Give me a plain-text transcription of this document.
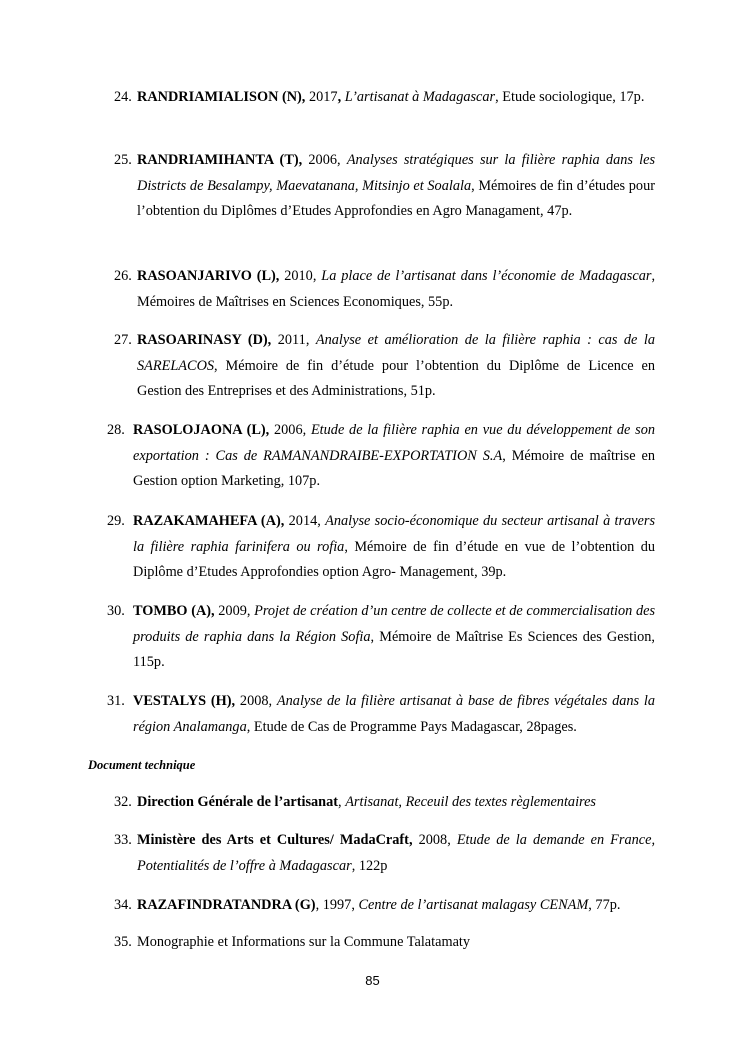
24. RANDRIAMIALISON (N), 2017, L’artisanat à Madagascar, Etude sociologique, 17p.
25. RANDRIAMIHANTA (T), 2006, Analyses stratégiques sur la filière raphia dans les Districts de Besalampy, Maevatanana, Mitsinjo et Soalala, Mémoires de fin d’études pour l’obtention du Diplômes d’Etudes Approfondies en Agro Managament, 47p.
26. RASOANJARIVO (L), 2010, La place de l’artisanat dans l’économie de Madagascar, Mémoires de Maîtrises en Sciences Economiques, 55p.
27. RASOARINASY (D), 2011, Analyse et amélioration de la filière raphia : cas de la SARELACOS, Mémoire de fin d’étude pour l’obtention du Diplôme de Licence en Gestion des Entreprises et des Administrations, 51p.
28. RASOLOJAONA (L), 2006, Etude de la filière raphia en vue du développement de son exportation : Cas de RAMANANDRAIBE-EXPORTATION S.A, Mémoire de maîtrise en Gestion option Marketing, 107p.
29. RAZAKAMAHEFA (A), 2014, Analyse socio-économique du secteur artisanal à travers la filière raphia farinifera ou rofia, Mémoire de fin d’étude en vue de l’obtention du Diplôme d’Etudes Approfondies option Agro- Management, 39p.
30. TOMBO (A), 2009, Projet de création d’un centre de collecte et de commercialisation des produits de raphia dans la Région Sofia, Mémoire de Maîtrise Es Sciences des Gestion, 115p.
31. VESTALYS (H), 2008, Analyse de la filière artisanat à base de fibres végétales dans la région Analamanga, Etude de Cas de Programme Pays Madagascar, 28pages.
Document technique
32. Direction Générale de l’artisanat, Artisanat, Receuil des textes règlementaires
33. Ministère des Arts et Cultures/ MadaCraft, 2008, Etude de la demande en France, Potentialités de l’offre à Madagascar, 122p
34. RAZAFINDRATANDRA (G), 1997, Centre de l’artisanat malagasy CENAM, 77p.
35. Monographie et Informations sur la Commune Talatamaty
85
